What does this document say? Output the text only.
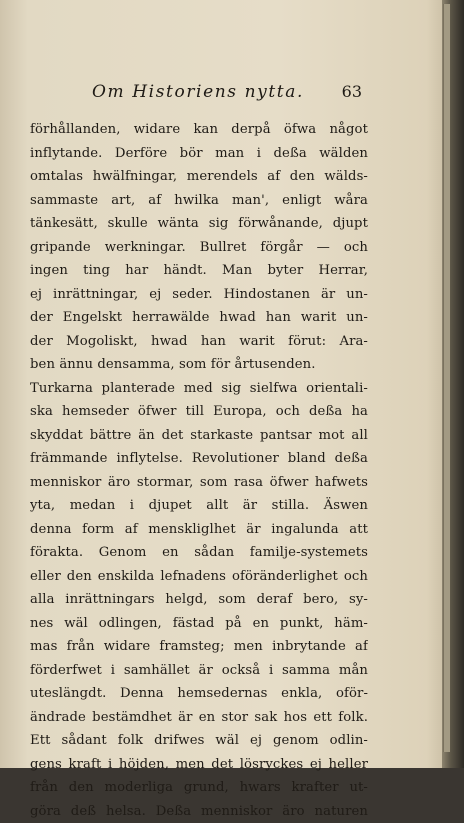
Om Historiens nytta. 63
förhållanden, widare kan derpå öfwa något
inflytande. Derföre bör man i deßa wälden
omtalas hwälfningar, merendels af den wälds-
sammaste art, af hwilka man', enligt wåra
tänkesätt, skulle wänta sig förwånande, djupt
gripande werkningar. Bullret förgår — och
ingen ting har händt. Man byter Herrar,
ej inrättningar, ej seder. Hindostanen är un-
der Engelskt herrawälde hwad han warit un-
der Mogoliskt, hwad han warit förut: Ara-
ben ännu densamma, som för årtusenden.
Turkarna planterade med sig sielfwa orientali-
ska hemseder öfwer till Europa, och deßa ha
skyddat bättre än det starkaste pantsar mot all
främmande inflytelse. Revolutioner bland deßa
menniskor äro stormar, som rasa öfwer hafwets
yta, medan i djupet allt är stilla. Äswen
denna form af menskliglhet är ingalunda att
förakta. Genom en sådan familje-systemets
eller den enskilda lefnadens oföränderlighet och
alla inrättningars helgd, som deraf bero, sy-
nes wäl odlingen, fästad på en punkt, häm-
mas från widare framsteg; men inbrytande af
förderfwet i samhället är också i samma mån
uteslängdt. Denna hemsedernas enkla, oför-
ändrade bestämdhet är en stor sak hos ett folk.
Ett sådant folk drifwes wäl ej genom odlin-
gens kraft i höjden, men det lösryckes ej heller
från den moderliga grund, hwars krafter ut-
göra deß helsa. Deßa menniskor äro naturen
